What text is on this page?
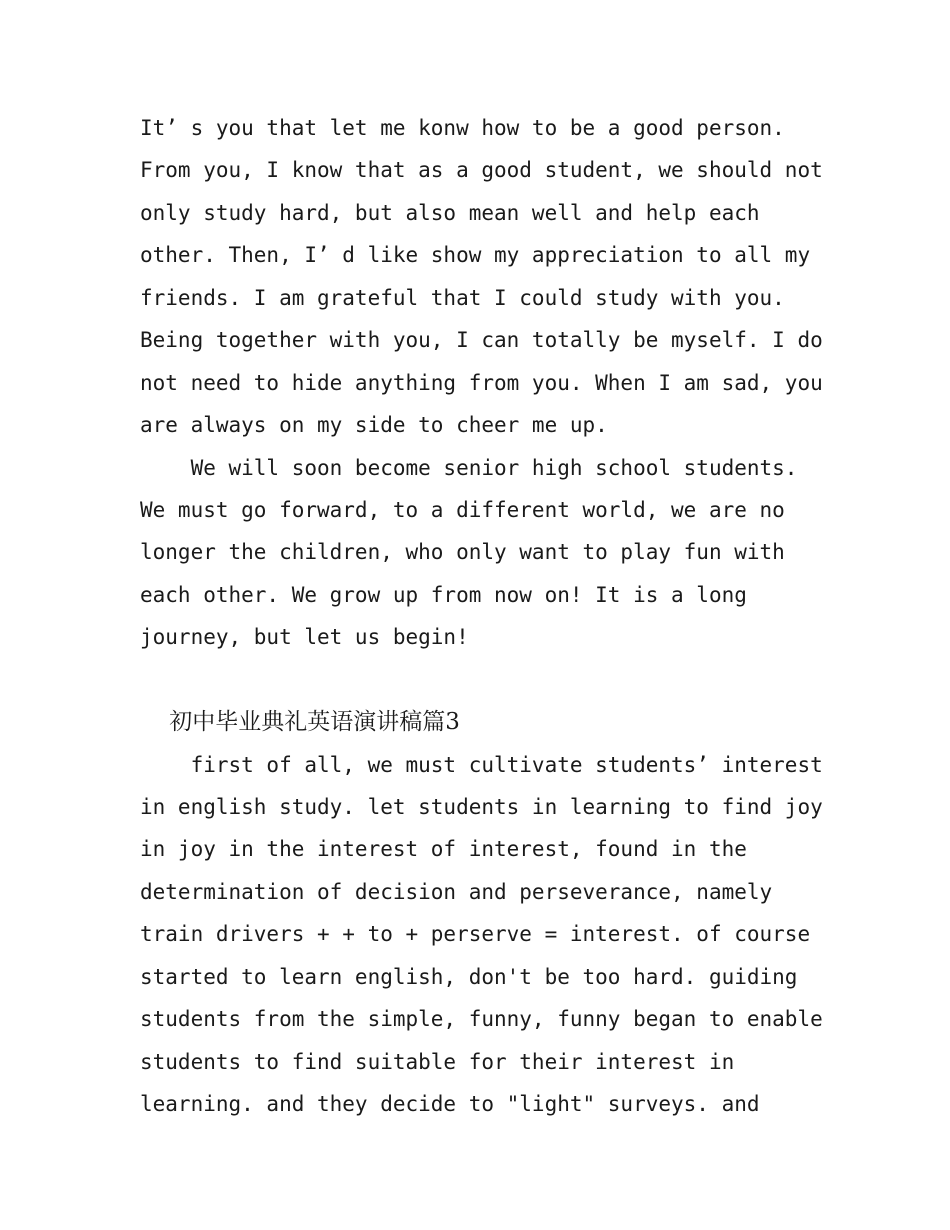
It’ s you that let me konw how to be a good person.
From you, I know that as a good student, we should not
only study hard, but also mean well and help each
other. Then, I’ d like show my appreciation to all my
friends. I am grateful that I could study with you.
Being together with you, I can totally be myself. I do
not need to hide anything from you. When I am sad, you
are always on my side to cheer me up.
We will soon become senior high school students.
We must go forward, to a different world, we are no
longer the children, who only want to play fun with
each other. We grow up from now on! It is a long
journey, but let us begin!
初中毕业典礼英语演讲稿篇3
first of all, we must cultivate students’ interest
in english study. let students in learning to find joy
in joy in the interest of interest, found in the
determination of decision and perseverance, namely
train drivers + + to + perserve = interest. of course
started to learn english, don't be too hard. guiding
students from the simple, funny, funny began to enable
students to find suitable for their interest in
learning. and they decide to "light" surveys. and
